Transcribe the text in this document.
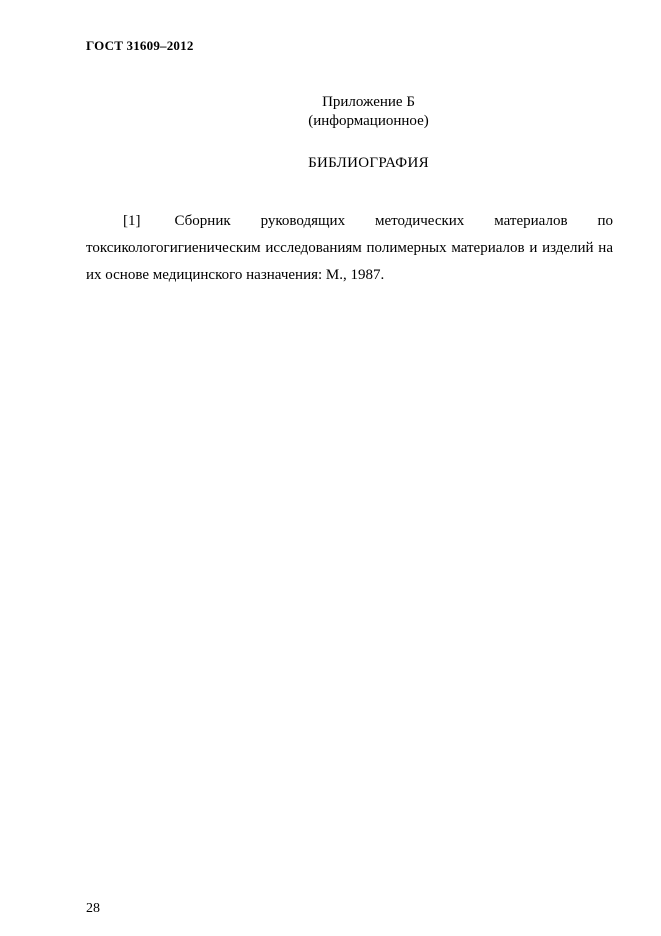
ГОСТ 31609–2012
Приложение Б
(информационное)
БИБЛИОГРАФИЯ

[1] Сборник руководящих методических материалов по токсикологогигиеническим исследованиям полимерных материалов и изделий на их основе медицинского назначения: М., 1987.

28
